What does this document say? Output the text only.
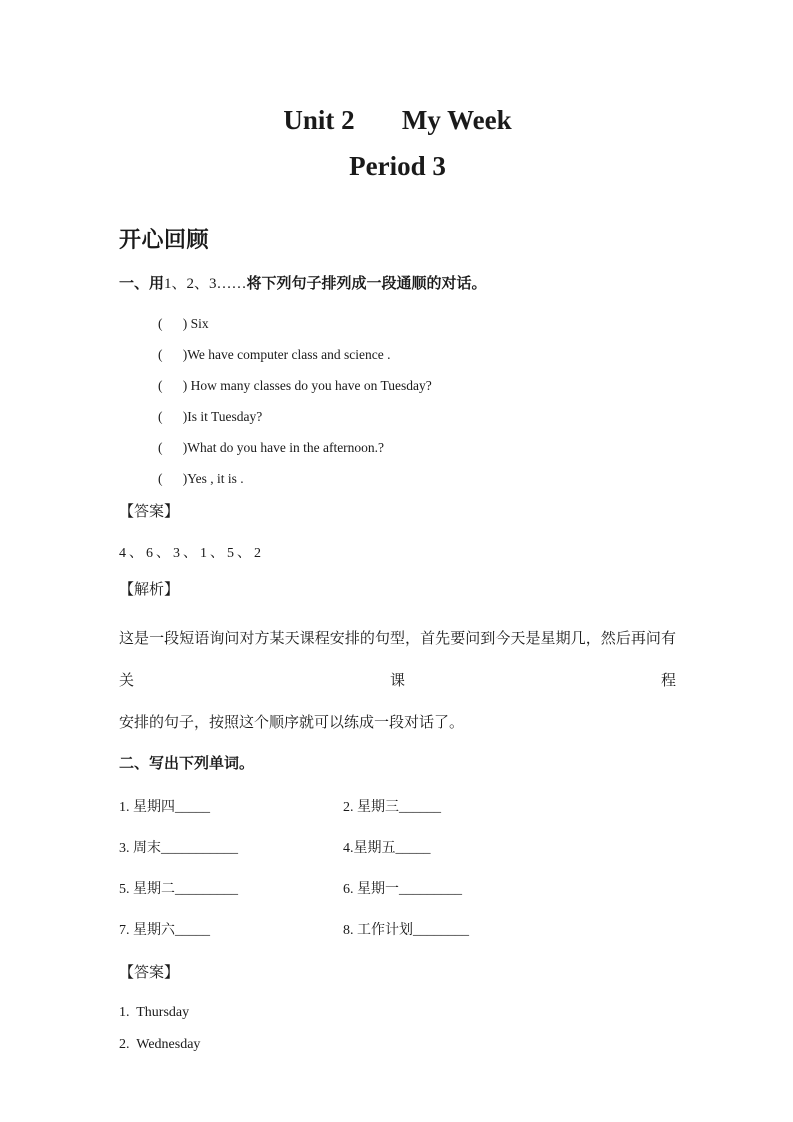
Unit 2       My Week
Period 3
开心回顾
一、用1、2、3……将下列句子排列成一段通顺的对话。

(      ) Six

(      )We have computer class and science .

(      ) How many classes do you have on Tuesday?

(      )Is it Tuesday?

(      )What do you have in the afternoon.?

(      )Yes , it is .

【答案】

4、6、3、1、5、2

【解析】

这是一段短语询问对方某天课程安排的句型，首先要问到今天是星期几，然后再问有关课程
安排的句子，按照这个顺序就可以练成一段对话了。
二、写出下列单词。
1. 星期四_____	2. 星期三______
3. 周末___________	4.星期五_____
5. 星期二_________	6. 星期一_________
7. 星期六_____	8. 工作计划________

【答案】

1.  Thursday

2.  Wednesday
